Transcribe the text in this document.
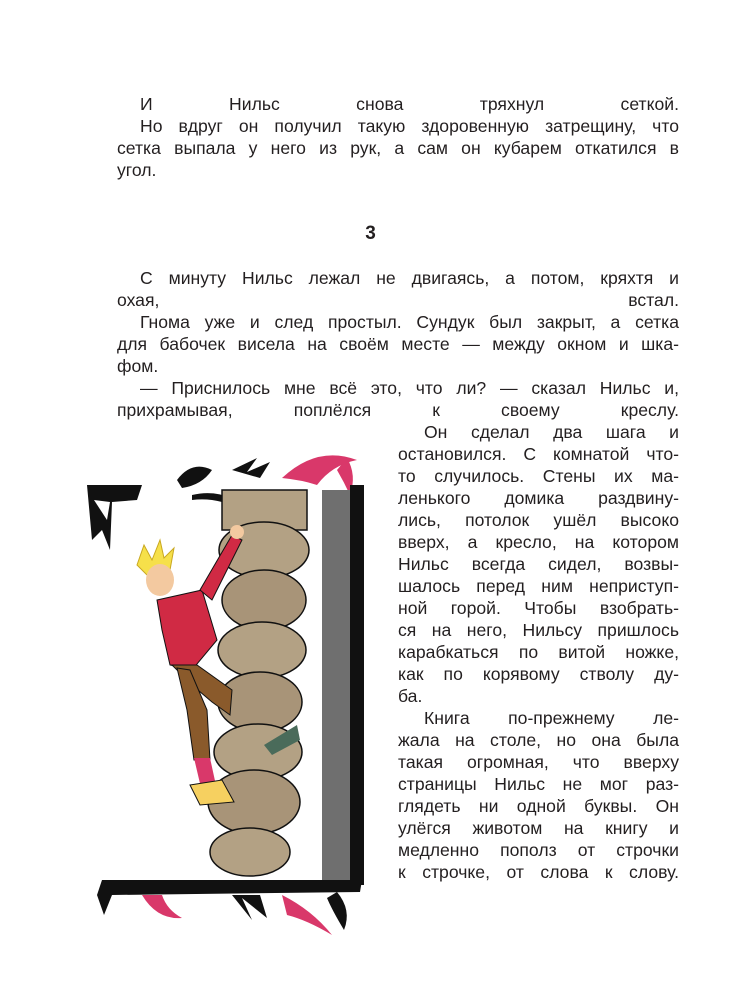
И Нильс снова тряхнул сеткой.
Но вдруг он получил такую здоровенную затрещину, что
сетка выпала у него из рук, а сам он кубарем откатился в
угол.
3
С минуту Нильс лежал не двигаясь, а потом, кряхтя и
охая, встал.
Гнома уже и след простыл. Сундук был закрыт, а сетка
для бабочек висела на своём месте — между окном и шка-
фом.
— Приснилось мне всё это, что ли? — сказал Нильс и,
прихрамывая, поплёлся к своему креслу.
Он сделал два шага и
остановился. С комнатой что-
то случилось. Стены их ма-
ленького домика раздвину-
лись, потолок ушёл высоко
вверх, а кресло, на котором
Нильс всегда сидел, возвы-
шалось перед ним неприступ-
ной горой. Чтобы взобрать-
ся на него, Нильсу пришлось
карабкаться по витой ножке,
как по корявому стволу ду-
ба.
Книга по-прежнему ле-
жала на столе, но она была
такая огромная, что вверху
страницы Нильс не мог раз-
глядеть ни одной буквы. Он
улёгся животом на книгу и
медленно пополз от строчки
к строчке, от слова к слову.
